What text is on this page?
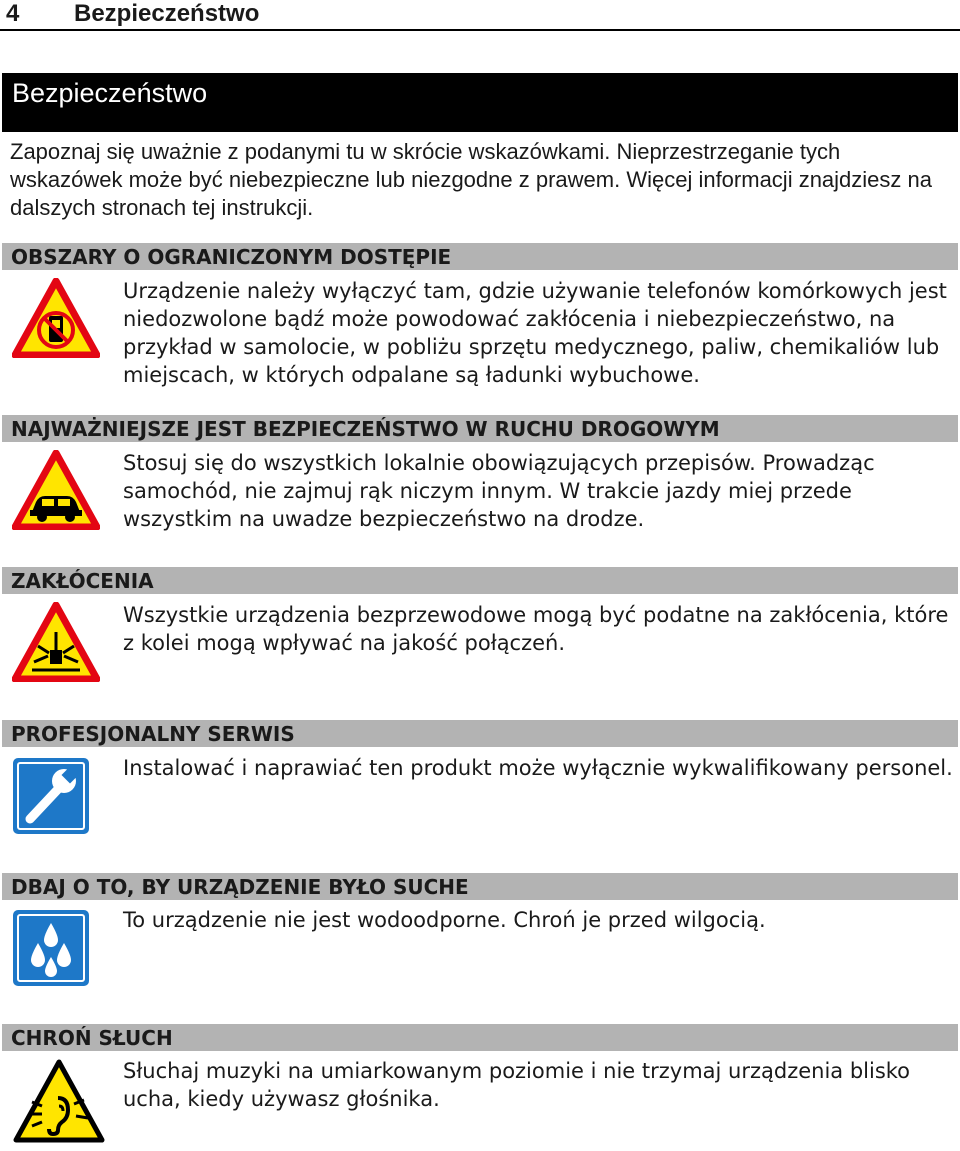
4 Bezpieczeństwo
Bezpieczeństwo

Zapoznaj się uważnie z podanymi tu w skrócie wskazówkami. Nieprzestrzeganie tych wskazówek może być niebezpieczne lub niezgodne z prawem. Więcej informacji znajdziesz na dalszych stronach tej instrukcji.

OBSZARY O OGRANICZONYM DOSTĘPIE

Urządzenie należy wyłączyć tam, gdzie używanie telefonów komórkowych jest niedozwolone bądź może powodować zakłócenia i niebezpieczeństwo, na przykład w samolocie, w pobliżu sprzętu medycznego, paliw, chemikaliów lub miejscach, w których odpalane są ładunki wybuchowe.

NAJWAŻNIEJSZE JEST BEZPIECZEŃSTWO W RUCHU DROGOWYM

Stosuj się do wszystkich lokalnie obowiązujących przepisów. Prowadząc samochód, nie zajmuj rąk niczym innym. W trakcie jazdy miej przede wszystkim na uwadze bezpieczeństwo na drodze.

ZAKŁÓCENIA

Wszystkie urządzenia bezprzewodowe mogą być podatne na zakłócenia, które z kolei mogą wpływać na jakość połączeń.

PROFESJONALNY SERWIS

Instalować i naprawiać ten produkt może wyłącznie wykwalifikowany personel.

DBAJ O TO, BY URZĄDZENIE BYŁO SUCHE

To urządzenie nie jest wodoodporne. Chroń je przed wilgocią.

CHROŃ SŁUCH

Słuchaj muzyki na umiarkowanym poziomie i nie trzymaj urządzenia blisko ucha, kiedy używasz głośnika.
